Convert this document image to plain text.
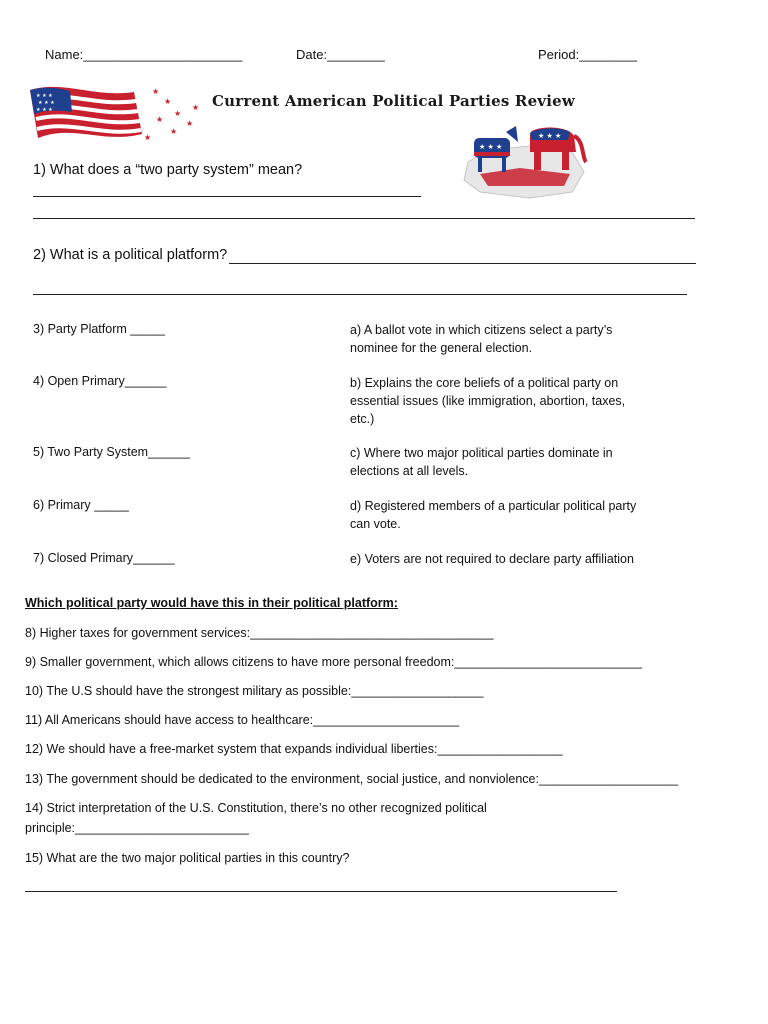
Name:______________________	Date:________	Period:________
★ ★ ★
★ ★ ★
★ ★ ★
★
★
★
★
★
★
★
★
Current American Political Parties Review
★ ★ ★
★ ★ ★
1) What does a “two party system” mean?
2) What is a political platform?
3) Party Platform _____
4) Open Primary______
5) Two Party System______
6) Primary _____
7) Closed Primary______
a) A ballot vote in which citizens select a party’s nominee for the general election.
b) Explains the core beliefs of a political party on essential issues (like immigration, abortion, taxes, etc.)
c) Where two major political parties dominate in elections at all levels.
d) Registered members of a particular political party can vote.
e) Voters are not required to declare party affiliation
Which political party would have this in their political platform:
8) Higher taxes for government services:___________________________________
9) Smaller government, which allows citizens to have more personal freedom:___________________________
10) The U.S should have the strongest military as possible:___________________
11) All Americans should have access to healthcare:_____________________
12) We should have a free-market system that expands individual liberties:__________________
13) The government should be dedicated to the environment, social justice, and nonviolence:____________________
14) Strict interpretation of the U.S. Constitution, there’s no other recognized political
principle:_________________________
15) What are the two major political parties in this country?
